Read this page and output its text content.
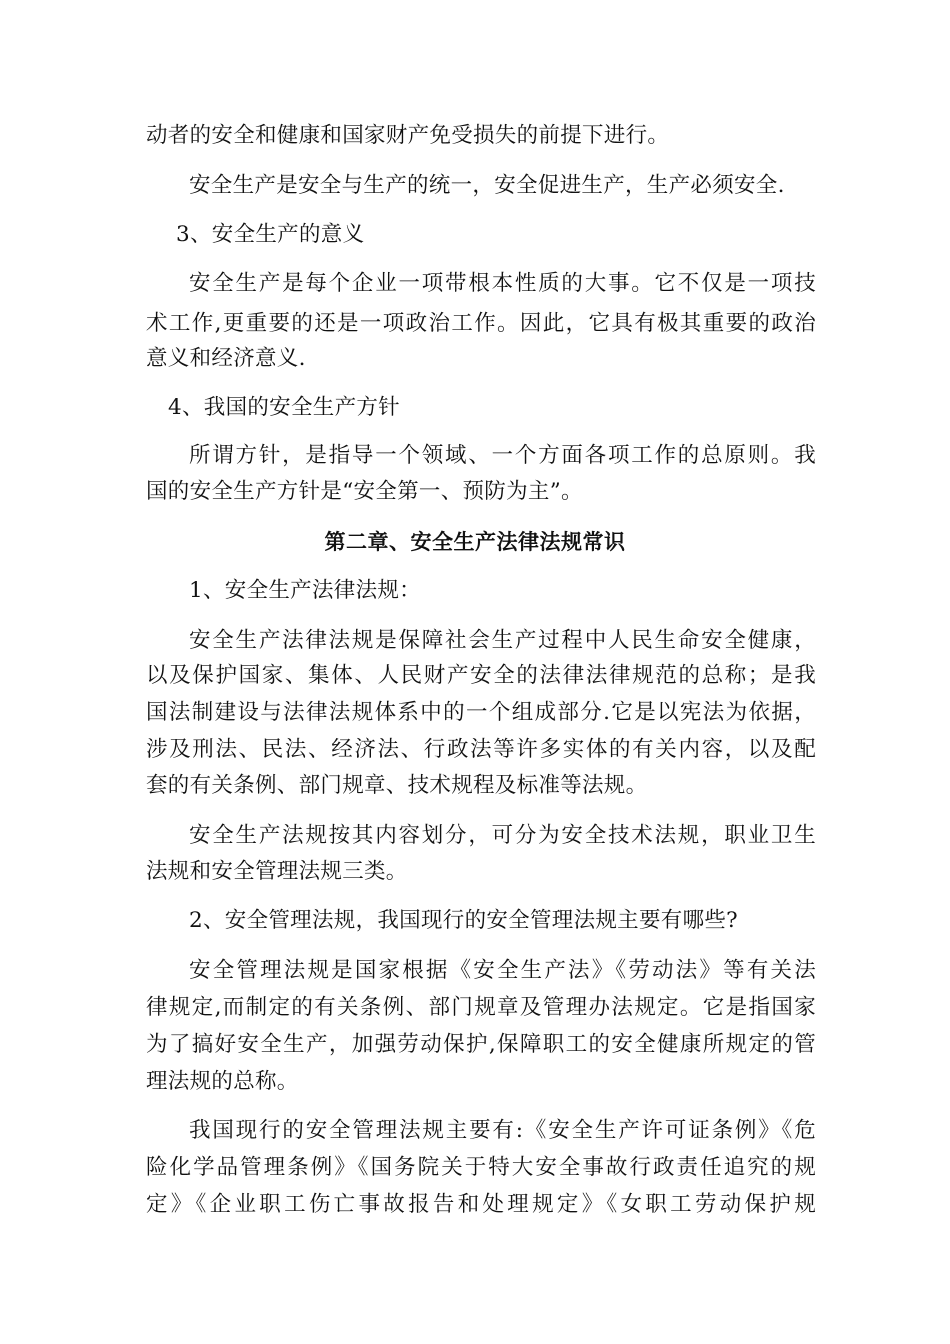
动者的安全和健康和国家财产免受损失的前提下进行。
安全生产是安全与生产的统一，安全促进生产，生产必须安全.
3、安全生产的意义
安全生产是每个企业一项带根本性质的大事。它不仅是一项技
术工作,更重要的还是一项政治工作。因此，它具有极其重要的政治
意义和经济意义.
4、我国的安全生产方针
所谓方针，是指导一个领域、一个方面各项工作的总原则。我
国的安全生产方针是“安全第一、预防为主”。
第二章、安全生产法律法规常识
1、安全生产法律法规：
安全生产法律法规是保障社会生产过程中人民生命安全健康，
以及保护国家、集体、人民财产安全的法律法律规范的总称；是我
国法制建设与法律法规体系中的一个组成部分.它是以宪法为依据，
涉及刑法、民法、经济法、行政法等许多实体的有关内容，以及配
套的有关条例、部门规章、技术规程及标准等法规。
安全生产法规按其内容划分，可分为安全技术法规，职业卫生
法规和安全管理法规三类。
2、安全管理法规，我国现行的安全管理法规主要有哪些?
安全管理法规是国家根据《安全生产法》《劳动法》等有关法
律规定,而制定的有关条例、部门规章及管理办法规定。它是指国家
为了搞好安全生产，加强劳动保护,保障职工的安全健康所规定的管
理法规的总称。
我国现行的安全管理法规主要有:《安全生产许可证条例》《危
险化学品管理条例》《国务院关于特大安全事故行政责任追究的规
定》《企业职工伤亡事故报告和处理规定》《女职工劳动保护规
